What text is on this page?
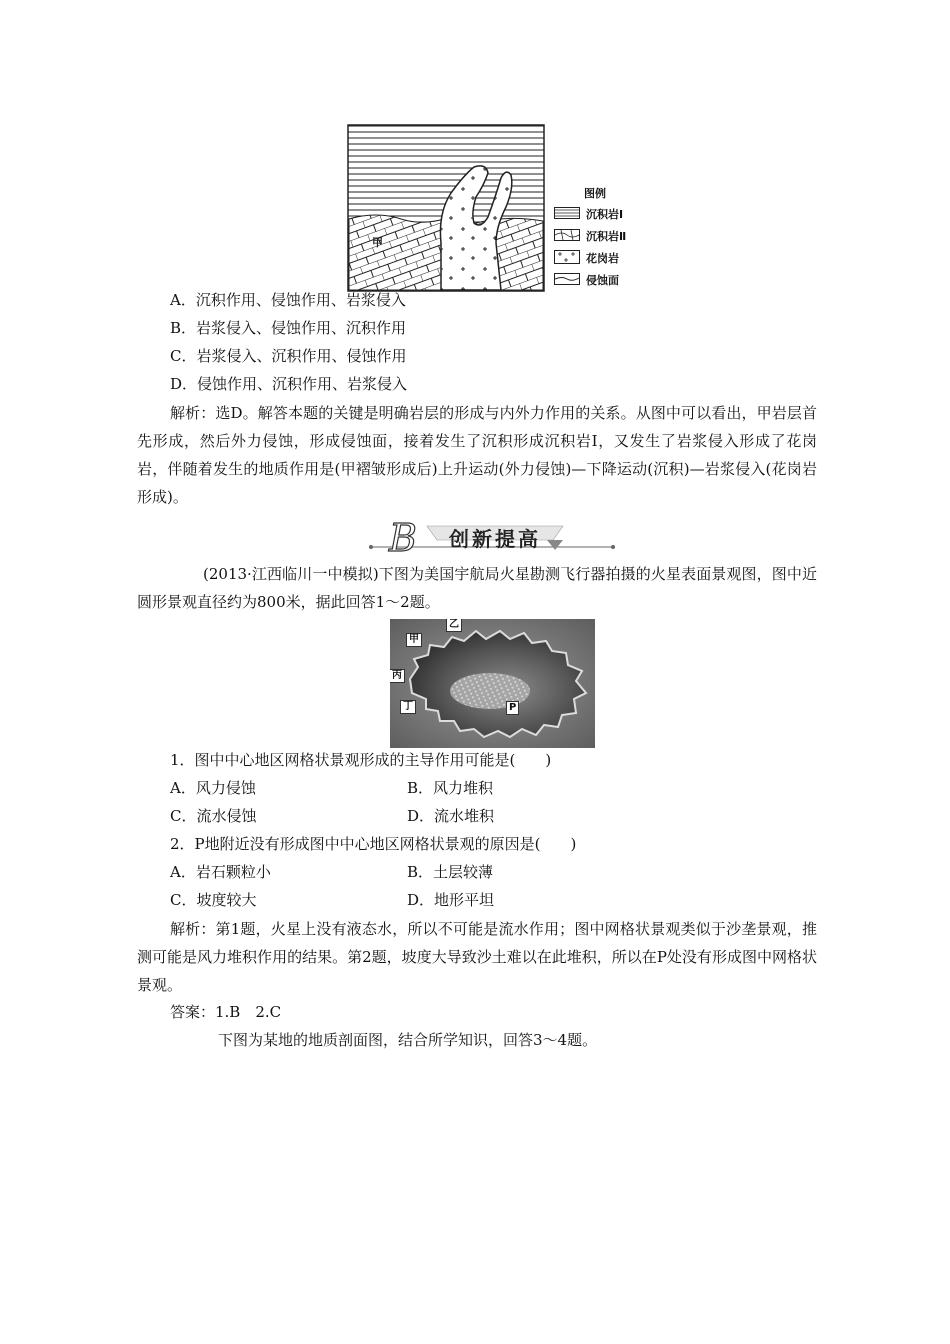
甲
图例
沉积岩Ⅰ
沉积岩Ⅱ
花岗岩
侵蚀面
A．沉积作用、侵蚀作用、岩浆侵入
B．岩浆侵入、侵蚀作用、沉积作用
C．岩浆侵入、沉积作用、侵蚀作用
D．侵蚀作用、沉积作用、岩浆侵入
解析：选D。解答本题的关键是明确岩层的形成与内外力作用的关系。从图中可以看出，甲岩层首先形成，然后外力侵蚀，形成侵蚀面，接着发生了沉积形成沉积岩Ⅰ，又发生了岩浆侵入形成了花岗岩，伴随着发生的地质作用是(甲褶皱形成后)上升运动(外力侵蚀)—下降运动(沉积)—岩浆侵入(花岗岩形成)。
B 创新提高
(2013·江西临川一中模拟)下图为美国宇航局火星勘测飞行器拍摄的火星表面景观图，图中近圆形景观直径约为800米，据此回答1～2题。
乙
甲
丙
丁	P
1．图中中心地区网格状景观形成的主导作用可能是(　　)
A．风力侵蚀	B．风力堆积
C．流水侵蚀	D．流水堆积
2．P地附近没有形成图中中心地区网格状景观的原因是(　　)
A．岩石颗粒小	B．土层较薄
C．坡度较大	D．地形平坦
解析：第1题，火星上没有液态水，所以不可能是流水作用；图中网格状景观类似于沙垄景观，推测可能是风力堆积作用的结果。第2题，坡度大导致沙土难以在此堆积，所以在P处没有形成图中网格状景观。
答案：1.B　2.C
下图为某地的地质剖面图，结合所学知识，回答3～4题。
